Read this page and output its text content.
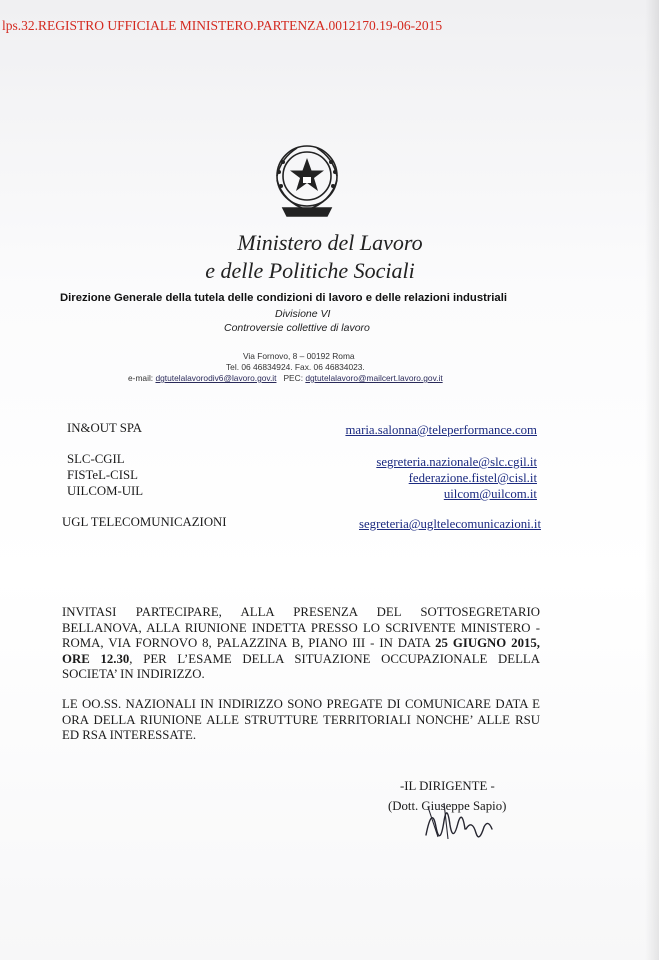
lps.32.REGISTRO UFFICIALE MINISTERO.PARTENZA.0012170.19-06-2015
Ministero del Lavoro
e delle Politiche Sociali
Direzione Generale della tutela delle condizioni di lavoro e delle relazioni industriali
Divisione VI
Controversie collettive di lavoro
Via Fornovo, 8 – 00192 Roma
Tel. 06 46834924. Fax. 06 46834023.
e-mail: dgtutelalavorodiv6@lavoro.gov.it PEC: dgtutelalavoro@mailcert.lavoro.gov.it
IN&OUT SPA	maria.salonna@teleperformance.com
SLC-CGIL	segreteria.nazionale@slc.cgil.it
FISTeL-CISL	federazione.fistel@cisl.it
UILCOM-UIL	uilcom@uilcom.it
UGL TELECOMUNICAZIONI	segreteria@ugltelecomunicazioni.it
INVITASI PARTECIPARE, ALLA PRESENZA DEL SOTTOSEGRETARIO BELLANOVA, ALLA RIUNIONE INDETTA PRESSO LO SCRIVENTE MINISTERO - ROMA, VIA FORNOVO 8, PALAZZINA B, PIANO III - IN DATA 25 GIUGNO 2015, ORE 12.30, PER L’ESAME DELLA SITUAZIONE OCCUPAZIONALE DELLA SOCIETA’ IN INDIRIZZO.
LE OO.SS. NAZIONALI IN INDIRIZZO SONO PREGATE DI COMUNICARE DATA E ORA DELLA RIUNIONE ALLE STRUTTURE TERRITORIALI NONCHE’ ALLE RSU ED RSA INTERESSATE.
-IL DIRIGENTE -
(Dott. Giuseppe Sapio)
